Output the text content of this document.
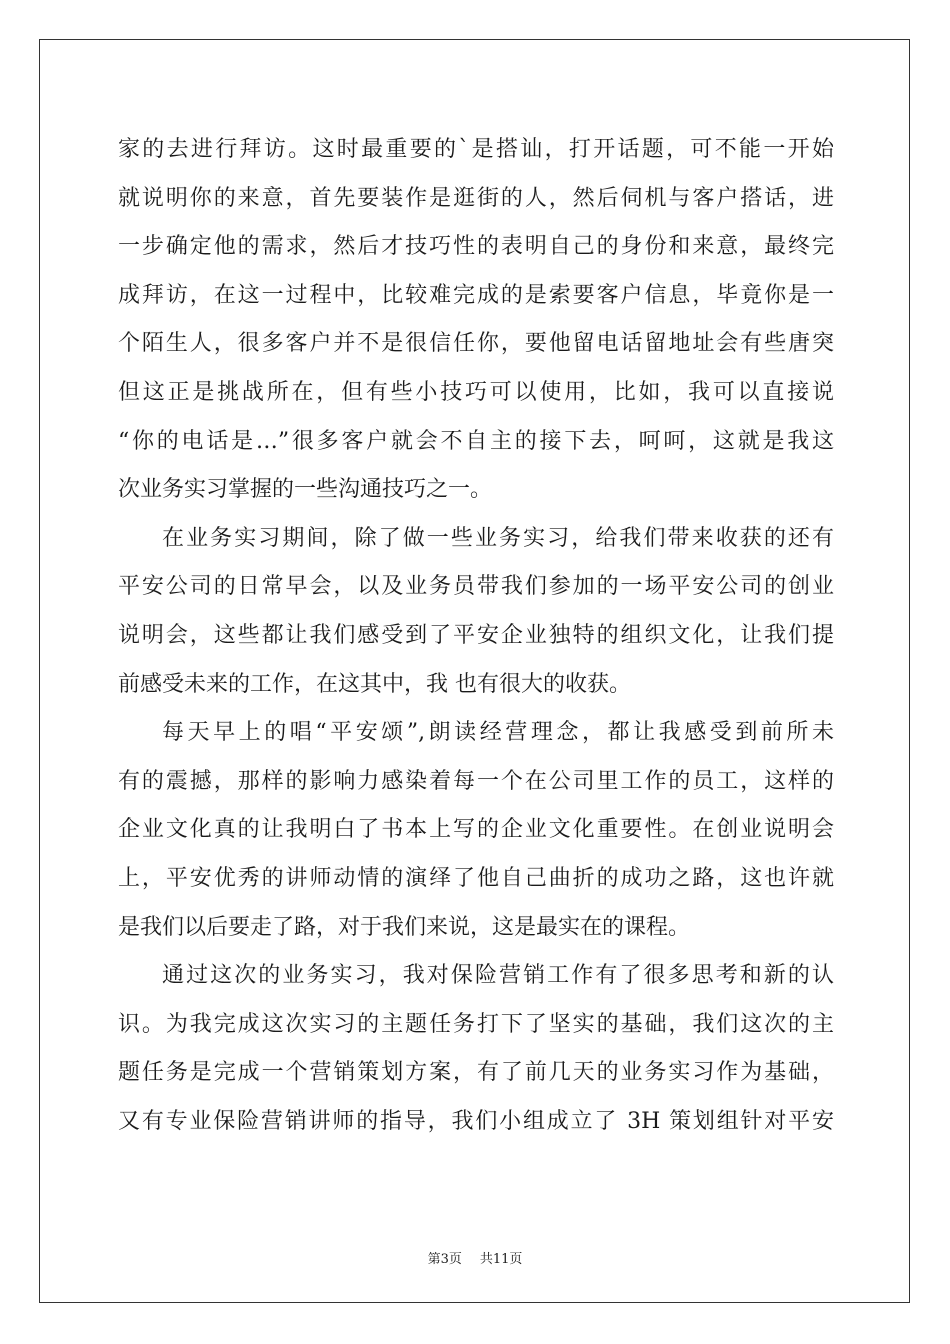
家的去进行拜访。这时最重要的`是搭讪，打开话题，可不能一开始
就说明你的来意，首先要装作是逛街的人，然后伺机与客户搭话，进
一步确定他的需求，然后才技巧性的表明自己的身份和来意，最终完
成拜访，在这一过程中，比较难完成的是索要客户信息，毕竟你是一
个陌生人，很多客户并不是很信任你，要他留电话留地址会有些唐突
但这正是挑战所在，但有些小技巧可以使用，比如，我可以直接说
“你的电话是…”很多客户就会不自主的接下去，呵呵，这就是我这
次业务实习掌握的一些沟通技巧之一。
在业务实习期间，除了做一些业务实习，给我们带来收获的还有
平安公司的日常早会，以及业务员带我们参加的一场平安公司的创业
说明会，这些都让我们感受到了平安企业独特的组织文化，让我们提
前感受未来的工作，在这其中，我 也有很大的收获。
每天早上的唱“平安颂”,朗读经营理念，都让我感受到前所未
有的震撼，那样的影响力感染着每一个在公司里工作的员工，这样的
企业文化真的让我明白了书本上写的企业文化重要性。在创业说明会
上，平安优秀的讲师动情的演绎了他自己曲折的成功之路，这也许就
是我们以后要走了路，对于我们来说，这是最实在的课程。
通过这次的业务实习，我对保险营销工作有了很多思考和新的认
识。为我完成这次实习的主题任务打下了坚实的基础，我们这次的主
题任务是完成一个营销策划方案，有了前几天的业务实习作为基础，
又有专业保险营销讲师的指导，我们小组成立了 3H 策划组针对平安
第3页 共11页
